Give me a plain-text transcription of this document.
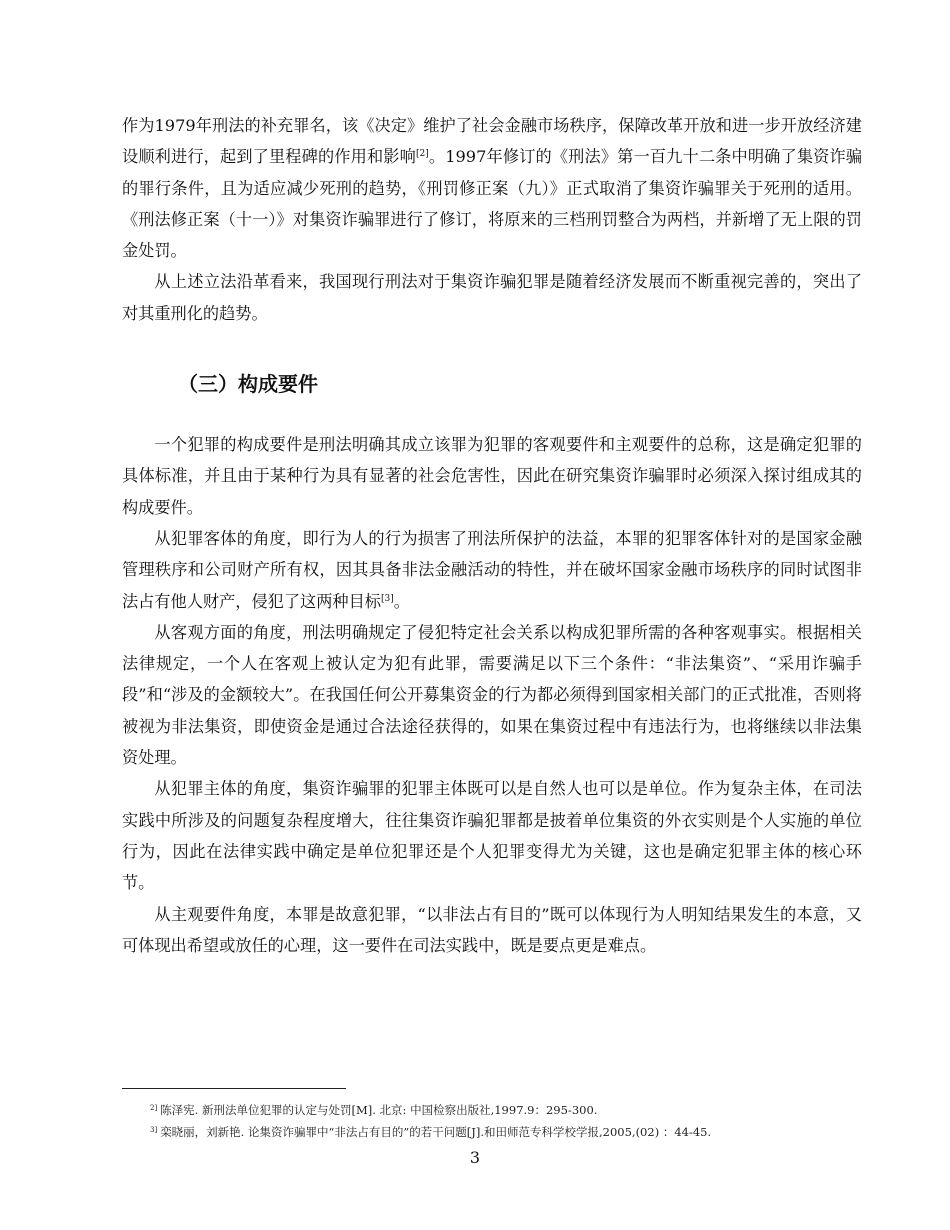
作为1979年刑法的补充罪名，该《决定》维护了社会金融市场秩序，保障改革开放和进一步开放经济建设顺利进行，起到了里程碑的作用和影响[2]。1997年修订的《刑法》第一百九十二条中明确了集资诈骗的罪行条件，且为适应减少死刑的趋势，《刑罚修正案（九）》正式取消了集资诈骗罪关于死刑的适用。《刑法修正案（十一）》对集资诈骗罪进行了修订，将原来的三档刑罚整合为两档，并新增了无上限的罚金处罚。

从上述立法沿革看来，我国现行刑法对于集资诈骗犯罪是随着经济发展而不断重视完善的，突出了对其重刑化的趋势。

（三）构成要件

一个犯罪的构成要件是刑法明确其成立该罪为犯罪的客观要件和主观要件的总称，这是确定犯罪的具体标准，并且由于某种行为具有显著的社会危害性，因此在研究集资诈骗罪时必须深入探讨组成其的构成要件。

从犯罪客体的角度，即行为人的行为损害了刑法所保护的法益，本罪的犯罪客体针对的是国家金融管理秩序和公司财产所有权，因其具备非法金融活动的特性，并在破坏国家金融市场秩序的同时试图非法占有他人财产，侵犯了这两种目标[3]。

从客观方面的角度，刑法明确规定了侵犯特定社会关系以构成犯罪所需的各种客观事实。根据相关法律规定，一个人在客观上被认定为犯有此罪，需要满足以下三个条件：“非法集资”、“采用诈骗手段”和“涉及的金额较大”。在我国任何公开募集资金的行为都必须得到国家相关部门的正式批准，否则将被视为非法集资，即使资金是通过合法途径获得的，如果在集资过程中有违法行为，也将继续以非法集资处理。

从犯罪主体的角度，集资诈骗罪的犯罪主体既可以是自然人也可以是单位。作为复杂主体，在司法实践中所涉及的问题复杂程度增大，往往集资诈骗犯罪都是披着单位集资的外衣实则是个人实施的单位行为，因此在法律实践中确定是单位犯罪还是个人犯罪变得尤为关键，这也是确定犯罪主体的核心环节。

从主观要件角度，本罪是故意犯罪，“以非法占有目的”既可以体现行为人明知结果发生的本意，又可体现出希望或放任的心理，这一要件在司法实践中，既是要点更是难点。

$^{2]}$ 陈泽宪. 新刑法单位犯罪的认定与处罚[M]. 北京: 中国检察出版社,1997.9：295-300.

$^{3]}$ 栾晓丽，刘新艳. 论集资诈骗罪中“非法占有目的”的若干问题[J].和田师范专科学校学报,2005,(02) ：44-45.

3
